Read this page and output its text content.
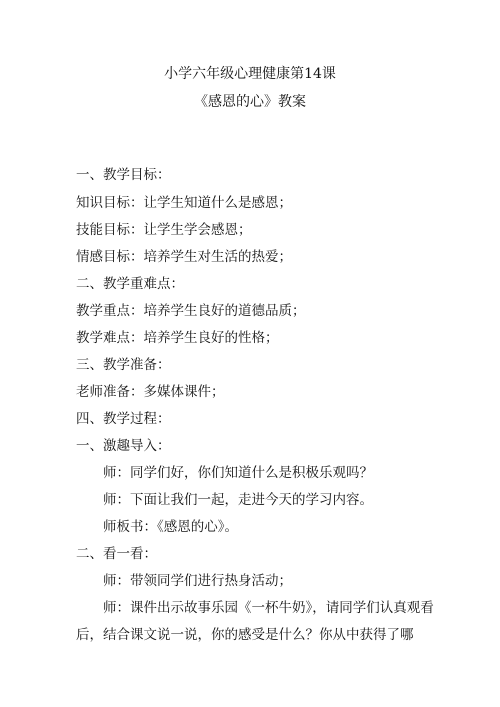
小学六年级心理健康第14课
《感恩的心》教案
一、教学目标：
知识目标：让学生知道什么是感恩；
技能目标：让学生学会感恩；
情感目标：培养学生对生活的热爱；
二、教学重难点：
教学重点：培养学生良好的道德品质；
教学难点：培养学生良好的性格；
三、教学准备：
老师准备：多媒体课件；
四、教学过程：
一、激趣导入：
师：同学们好，你们知道什么是积极乐观吗？
师：下面让我们一起，走进今天的学习内容。
师板书：《感恩的心》。
二、看一看：
师：带领同学们进行热身活动；
师：课件出示故事乐园《一杯牛奶》，请同学们认真观看
后，结合课文说一说，你的感受是什么？你从中获得了哪
